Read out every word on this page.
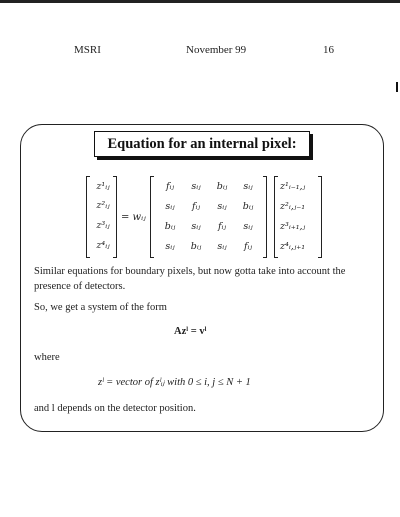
MSRI	November 99	16
Equation for an internal pixel:
z¹ᵢⱼ
z²ᵢⱼ
z³ᵢⱼ
z⁴ᵢⱼ
= wᵢⱼ
fᵢⱼ	sᵢⱼ	bᵢⱼ	sᵢⱼ
sᵢⱼ	fᵢⱼ	sᵢⱼ	bᵢⱼ
bᵢⱼ	sᵢⱼ	fᵢⱼ	sᵢⱼ
sᵢⱼ	bᵢⱼ	sᵢⱼ	fᵢⱼ
z¹ᵢ₋₁,ⱼ
z²ᵢ,ⱼ₋₁
z³ᵢ₊₁,ⱼ
z⁴ᵢ,ⱼ₊₁
Similar equations for boundary pixels, but now gotta take into account the presence of detectors.
So, we get a system of the form
Azˡ = vˡ
where
zˡ = vector of zˡᵢⱼ with 0 ≤ i, j ≤ N + 1
and l depends on the detector position.
